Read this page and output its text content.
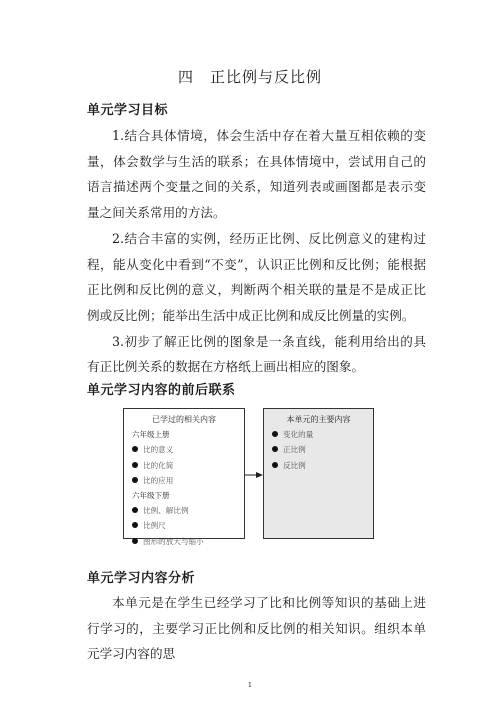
四　正比例与反比例
单元学习目标

1.结合具体情境，体会生活中存在着大量互相依赖的变量，体会数学与生活的联系；在具体情境中，尝试用自己的语言描述两个变量之间的关系，知道列表或画图都是表示变量之间关系常用的方法。

2.结合丰富的实例，经历正比例、反比例意义的建构过程，能从变化中看到“不变”，认识正比例和反比例；能根据正比例和反比例的意义，判断两个相关联的量是不是成正比例或反比例；能举出生活中成正比例和成反比例量的实例。

3.初步了解正比例的图象是一条直线，能利用给出的具有正比例关系的数据在方格纸上画出相应的图象。

单元学习内容的前后联系
已学过的相关内容
六年级上册
比的意义
比的化简
比的应用
六年级下册
比例、解比例
比例尺
图形的放大与缩小
本单元的主要内容
变化的量
正比例
反比例
单元学习内容分析

本单元是在学生已经学习了比和比例等知识的基础上进行学习的，主要学习正比例和反比例的相关知识。组织本单元学习内容的思

1
